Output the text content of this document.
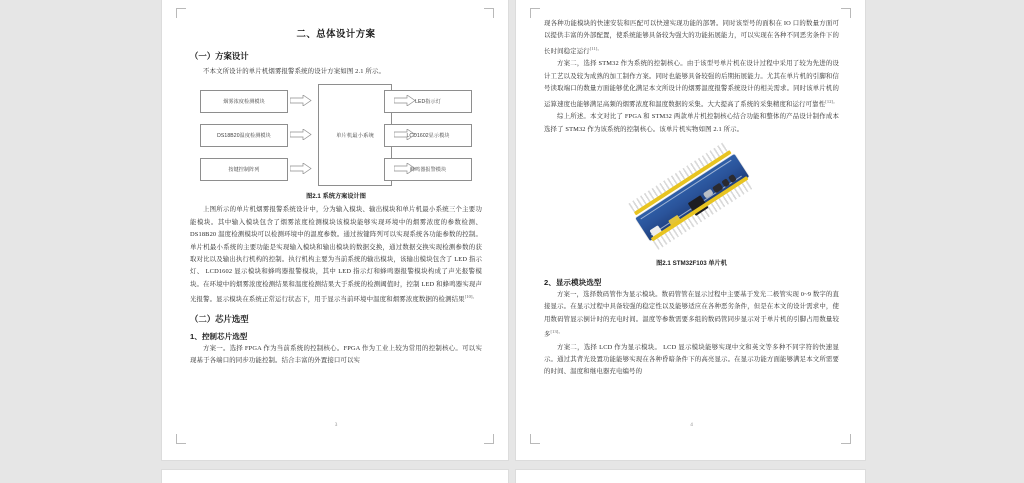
二、总体设计方案
（一）方案设计

不本文所设计的单片机烟雾报警系统的设计方案如图 2.1 所示。

烟雾浓度检测模块
DS18B20温度检测模块
按键控制阵列
单片机最小系统
LED指示灯
LCD1602显示模块
蜂鸣器报警模块
图2.1 系统方案设计图

上图所示的单片机烟雾报警系统设计中，分为输入模块、输出模块和单片机最小系统三个主要功能模块。其中输入模块包含了烟雾浓度检测模块该模块能够实现环境中的烟雾浓度的参数检测、DS18B20 温度检测模块可以检测环境中的温度参数。通过按键阵列可以实现系统各功能参数的控制。单片机最小系统的主要功能是实现输入模块和输出模块的数据交换，通过数据交换实现检测参数的获取对比以及输出执行机构的控制。执行机构主要为当前系统的输出模块，该输出模块包含了 LED 指示灯、 LCD1602 显示模块和蜂鸣器报警模块，其中 LED 指示灯和蜂鸣器报警模块构成了声光报警模块。在环境中的烟雾浓度检测结果和温度检测结果大于系统的检测阈值时，控制 LED 和蜂鸣器实现声光报警。显示模块在系统正常运行状态下，用于显示当前环境中温度和烟雾浓度数据的检测结果$^{[10]。}$

（二）芯片选型
1、控制芯片选型

方案一。选择 FPGA 作为当前系统的控制核心。FPGA 作为工业上较为常用的控制核心。可以实现基于各端口的同步功能控制。结合丰富的外置接口可以实

3

现各种功能模块的快速安装和匹配可以快速实现功能的部署。同时该型号的面积在 IO 口的数量方面可以提供丰富的外部配置，使系统能够具备较为强大的功能拓展能力，可以实现在各种不同恶劣条件下的长时间稳定运行$^{[11]。}$

方案二，选择 STM32 作为系统的控制核心。由于该型号单片机在设计过程中采用了较为先进的设计工艺以及较为成熟的加工制作方案。同时也能够具备较强的后期拓展能力。尤其在单片机的引脚和信号读取端口的数量方面能够优化满足本文所设计的烟雾温度报警系统设计的相关需求。同时该单片机的运算速度也能够满足高频的烟雾浓度和温度数据的采集。大大提高了系统的采集精度和运行可靠性$^{[12]。}$

综上所述。本文对比了 FPGA 和 STM32 两款单片机控制核心结合功能和整体的产品设计制作成本选择了 STM32 作为该系统的控制核心。该单片机实物如图 2.1 所示。

图2.1 STM32F103 单片机
2、显示模块选型

方案一，选择数码管作为显示模块。数码管管在显示过程中主要基于发光二极管实现 0~9 数字的直接显示。在显示过程中具备较强的稳定性以及能够适应在各种恶劣条件，但是在本文的设计需求中，使用数码管显示倒计时的充电时间。温度等参数需要多组的数码管同步显示对于单片机的引脚占用数量较多$^{[13]。}$

方案二，选择 LCD 作为显示模块。 LCD 显示模块能够实现中文和英文等多种不同字符的快速显示。通过其背光设置功能能够实现在各种昏暗条件下的高亮显示。在显示功能方面能够满足本文所需要的时间、温度和继电器充电编号的

4
